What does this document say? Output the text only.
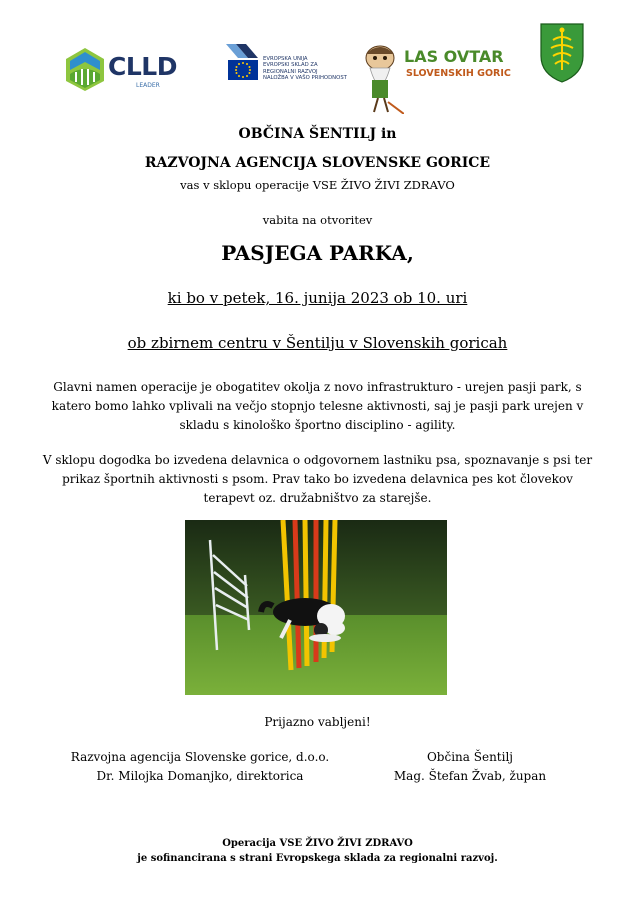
CLLD
LEADER
EVROPSKA UNIJA
EVROPSKI SKLAD ZA
REGIONALNI RAZVOJ
NALOŽBA V VAŠO PRIHODNOST
LAS OVTAR
SLOVENSKIH GORIC
OBČINA ŠENTILJ in
RAZVOJNA AGENCIJA SLOVENSKE GORICE
vas v sklopu operacije VSE ŽIVO ŽIVI ZDRAVO
vabita na otvoritev
PASJEGA PARKA,
ki bo v petek, 16. junija 2023 ob 10. uri
ob zbirnem centru v Šentilju v Slovenskih goricah
Glavni namen operacije je obogatitev okolja z novo infrastrukturo - urejen pasji park, s katero bomo lahko vplivali na večjo stopnjo telesne aktivnosti, saj je pasji park urejen v skladu s kinološko športno disciplino - agility.
V sklopu dogodka bo izvedena delavnica o odgovornem lastniku psa, spoznavanje s psi ter prikaz športnih aktivnosti s psom. Prav tako bo izvedena delavnica pes kot človekov terapevt oz. družabništvo za starejše.
Prijazno vabljeni!
Razvojna agencija Slovenske gorice, d.o.o.
Dr. Milojka Domanjko, direktorica
Občina Šentilj
Mag. Štefan Žvab, župan
Operacija VSE ŽIVO ŽIVI ZDRAVO
je sofinancirana s strani Evropskega sklada za regionalni razvoj.
